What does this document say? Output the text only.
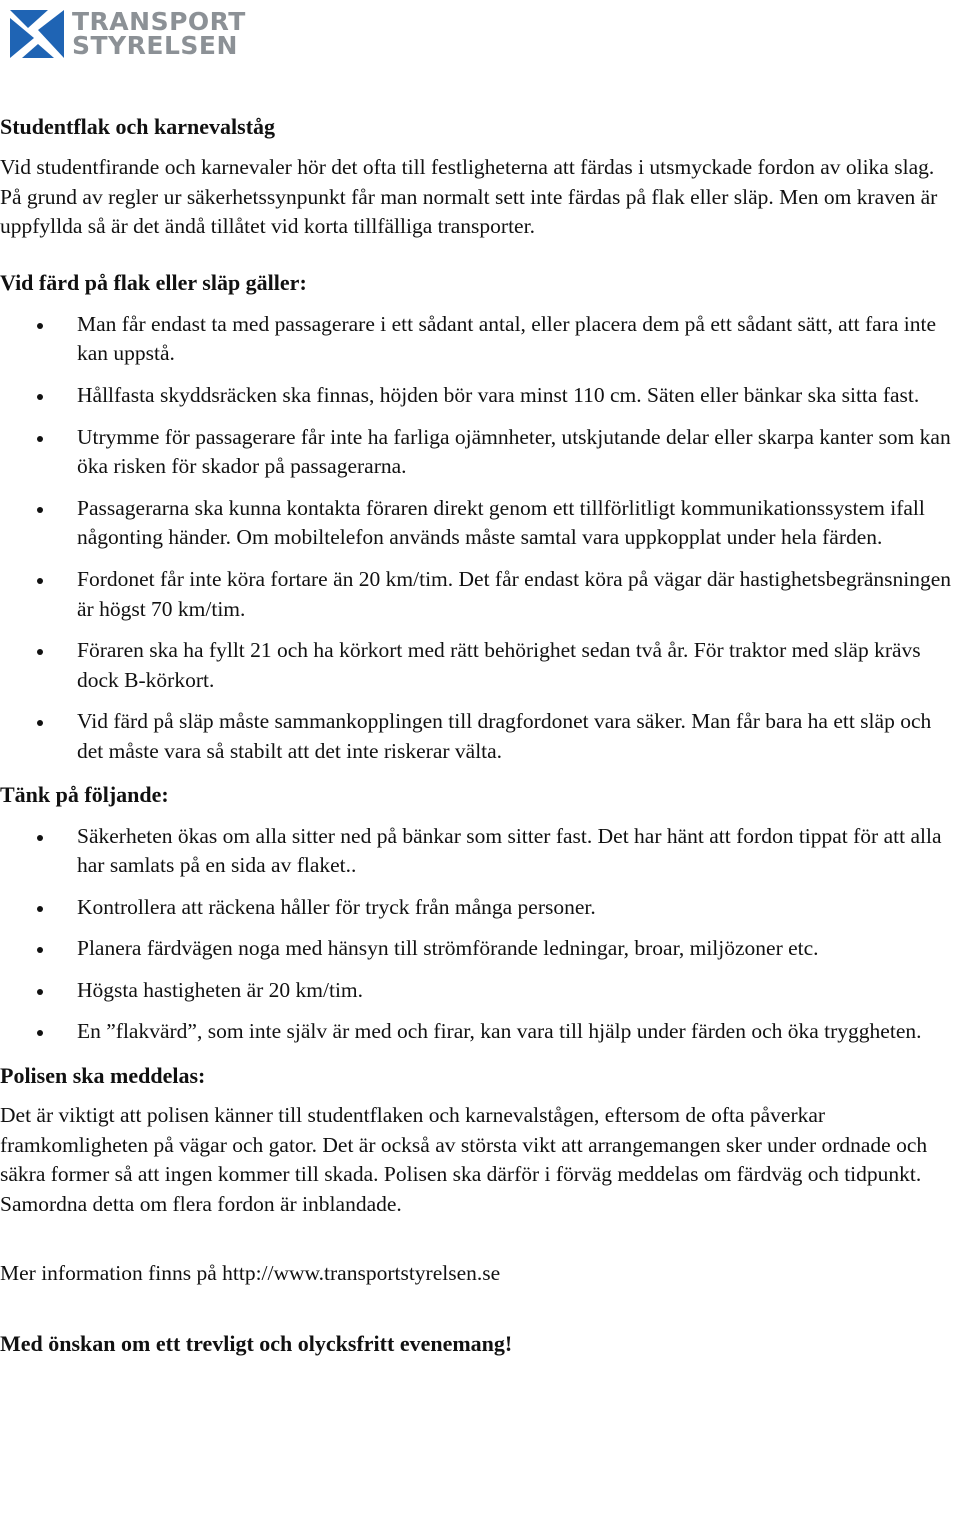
TRANSPORT
STYRELSEN
Studentflak och karnevalståg

Vid studentfirande och karnevaler hör det ofta till festligheterna att färdas i utsmyckade fordon av olika slag. På grund av regler ur säkerhetssynpunkt får man normalt sett inte färdas på flak eller släp. Men om kraven är uppfyllda så är det ändå tillåtet vid korta tillfälliga transporter.

Vid färd på flak eller släp gäller:
Man får endast ta med passagerare i ett sådant antal, eller placera dem på ett sådant sätt, att fara inte kan uppstå.
Hållfasta skyddsräcken ska finnas, höjden bör vara minst 110 cm. Säten eller bänkar ska sitta fast.
Utrymme för passagerare får inte ha farliga ojämnheter, utskjutande delar eller skarpa kanter som kan öka risken för skador på passagerarna.
Passagerarna ska kunna kontakta föraren direkt genom ett tillförlitligt kommunikationssystem ifall någonting händer. Om mobiltelefon används måste samtal vara uppkopplat under hela färden.
Fordonet får inte köra fortare än 20 km/tim. Det får endast köra på vägar där hastighetsbegränsningen är högst 70 km/tim.
Föraren ska ha fyllt 21 och ha körkort med rätt behörighet sedan två år. För traktor med släp krävs dock B-körkort.
Vid färd på släp måste sammankopplingen till dragfordonet vara säker. Man får bara ha ett släp och det måste vara så stabilt att det inte riskerar välta.
Tänk på följande:
Säkerheten ökas om alla sitter ned på bänkar som sitter fast. Det har hänt att fordon tippat för att alla har samlats på en sida av flaket..
Kontrollera att räckena håller för tryck från många personer.
Planera färdvägen noga med hänsyn till strömförande ledningar, broar, miljözoner etc.
Högsta hastigheten är 20 km/tim.
En ”flakvärd”, som inte själv är med och firar, kan vara till hjälp under färden och öka tryggheten.
Polisen ska meddelas:

Det är viktigt att polisen känner till studentflaken och karnevalstågen, eftersom de ofta påverkar framkomligheten på vägar och gator. Det är också av största vikt att arrangemangen sker under ordnade och säkra former så att ingen kommer till skada. Polisen ska därför i förväg meddelas om färdväg och tidpunkt. Samordna detta om flera fordon är inblandade.

Mer information finns på http://www.transportstyrelsen.se

Med önskan om ett trevligt och olycksfritt evenemang!
